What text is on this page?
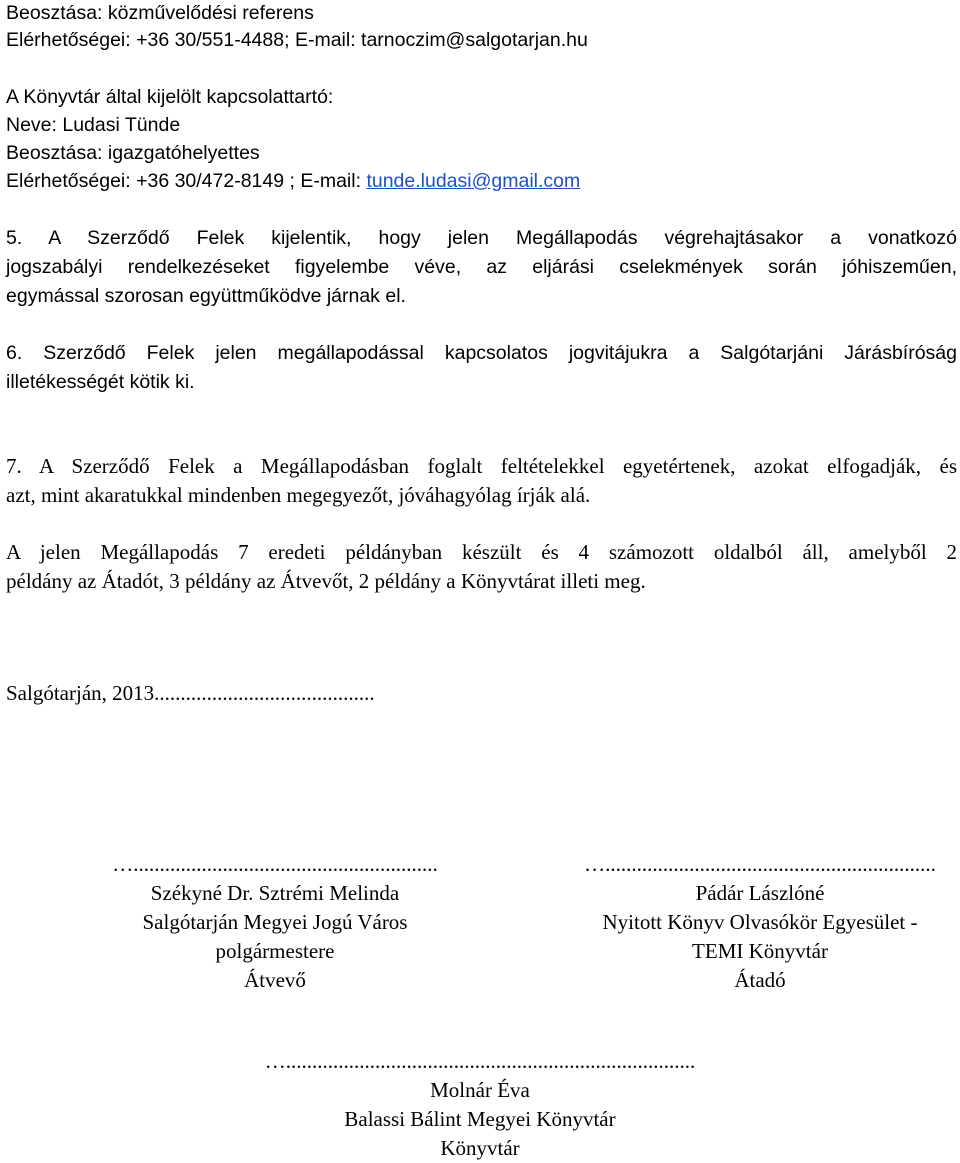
Beosztása: közművelődési referens
Elérhetőségei: +36 30/551-4488; E-mail: tarnoczim@salgotarjan.hu
A Könyvtár által kijelölt kapcsolattartó:
Neve: Ludasi Tünde
Beosztása: igazgatóhelyettes
Elérhetőségei: +36 30/472-8149 ; E-mail: tunde.ludasi@gmail.com
5. A Szerződő Felek kijelentik, hogy jelen Megállapodás végrehajtásakor a vonatkozó
jogszabályi rendelkezéseket figyelembe véve, az eljárási cselekmények során jóhiszeműen,
egymással szorosan együttműködve járnak el.
6. Szerződő Felek jelen megállapodással kapcsolatos jogvitájukra a Salgótarjáni Járásbíróság
illetékességét kötik ki.
7. A Szerződő Felek a Megállapodásban foglalt feltételekkel egyetértenek, azokat elfogadják, és
azt, mint akaratukkal mindenben megegyezőt, jóváhagyólag írják alá.
A jelen Megállapodás 7 eredeti példányban készült és 4 számozott oldalból áll, amelyből 2
példány az Átadót, 3 példány az Átvevőt, 2 példány a Könyvtárat illeti meg.
Salgótarján, 2013..........................................
…..........................................................
Székyné Dr. Sztrémi Melinda
Salgótarján Megyei Jogú Város
polgármestere
Átvevő
…...............................................................
Pádár Lászlóné
Nyitott Könyv Olvasókör Egyesület -
TEMI Könyvtár
Átadó
…..............................................................................
Molnár Éva
Balassi Bálint Megyei Könyvtár
Könyvtár
